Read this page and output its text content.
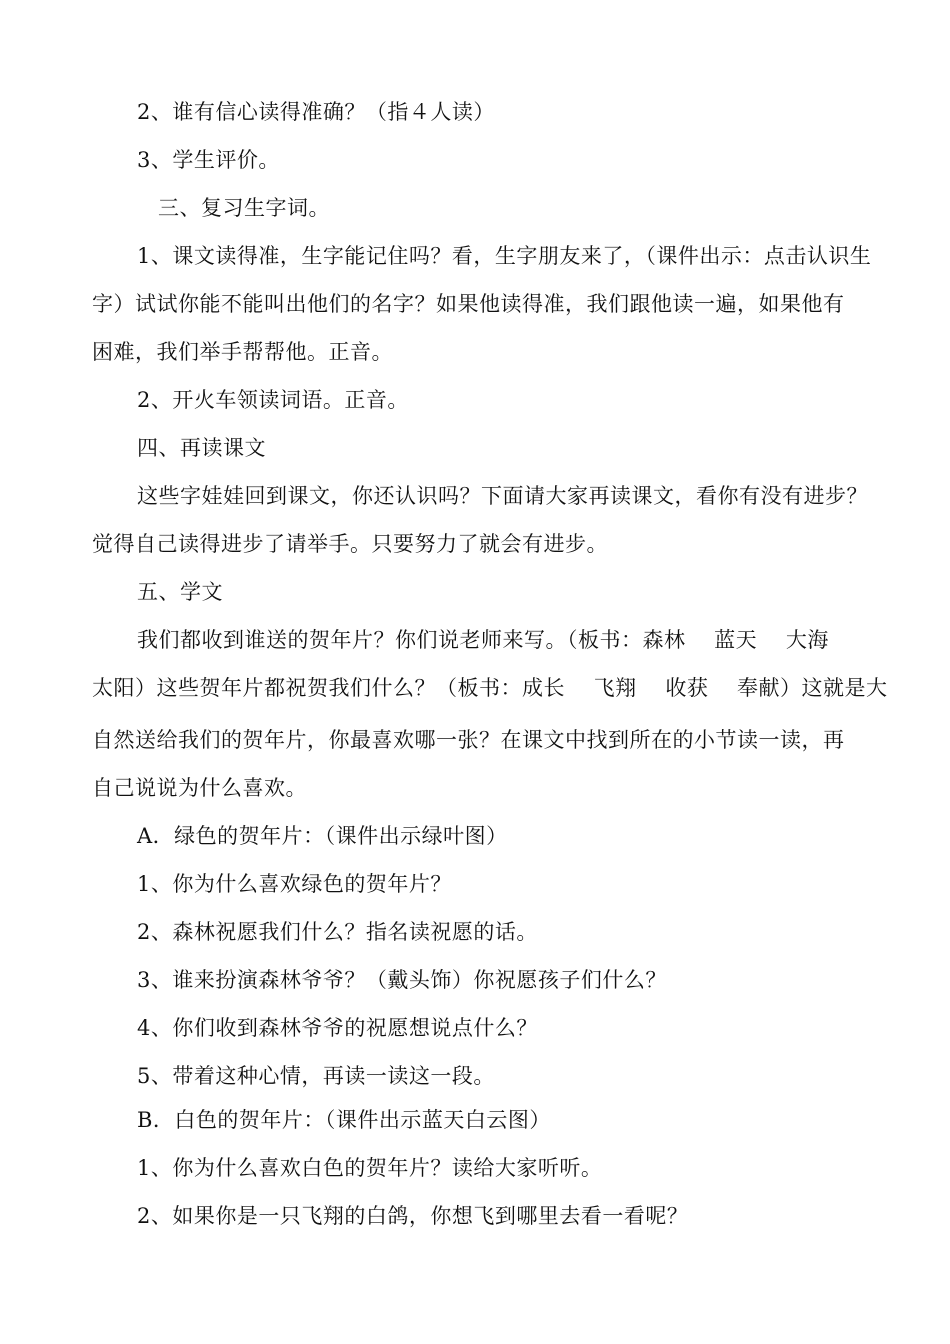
2、谁有信心读得准确？（指４人读）
3、学生评价。
三、复习生字词。
1、课文读得准，生字能记住吗？看，生字朋友来了，（课件出示：点击认识生
字）试试你能不能叫出他们的名字？如果他读得准，我们跟他读一遍，如果他有
困难，我们举手帮帮他。正音。
2、开火车领读词语。正音。
四、再读课文
这些字娃娃回到课文，你还认识吗？下面请大家再读课文，看你有没有进步？
觉得自己读得进步了请举手。只要努力了就会有进步。
五、学文
我们都收到谁送的贺年片？你们说老师来写。（板书：森林　 蓝天　 大海
太阳）这些贺年片都祝贺我们什么？（板书：成长　 飞翔　 收获　 奉献）这就是大
自然送给我们的贺年片，你最喜欢哪一张？在课文中找到所在的小节读一读，再
自己说说为什么喜欢。
A．绿色的贺年片：（课件出示绿叶图）
1、你为什么喜欢绿色的贺年片？
2、森林祝愿我们什么？指名读祝愿的话。
3、谁来扮演森林爷爷？（戴头饰）你祝愿孩子们什么？
4、你们收到森林爷爷的祝愿想说点什么？
5、带着这种心情，再读一读这一段。
B．白色的贺年片：（课件出示蓝天白云图）
1、你为什么喜欢白色的贺年片？读给大家听听。
2、如果你是一只飞翔的白鸽，你想飞到哪里去看一看呢？
